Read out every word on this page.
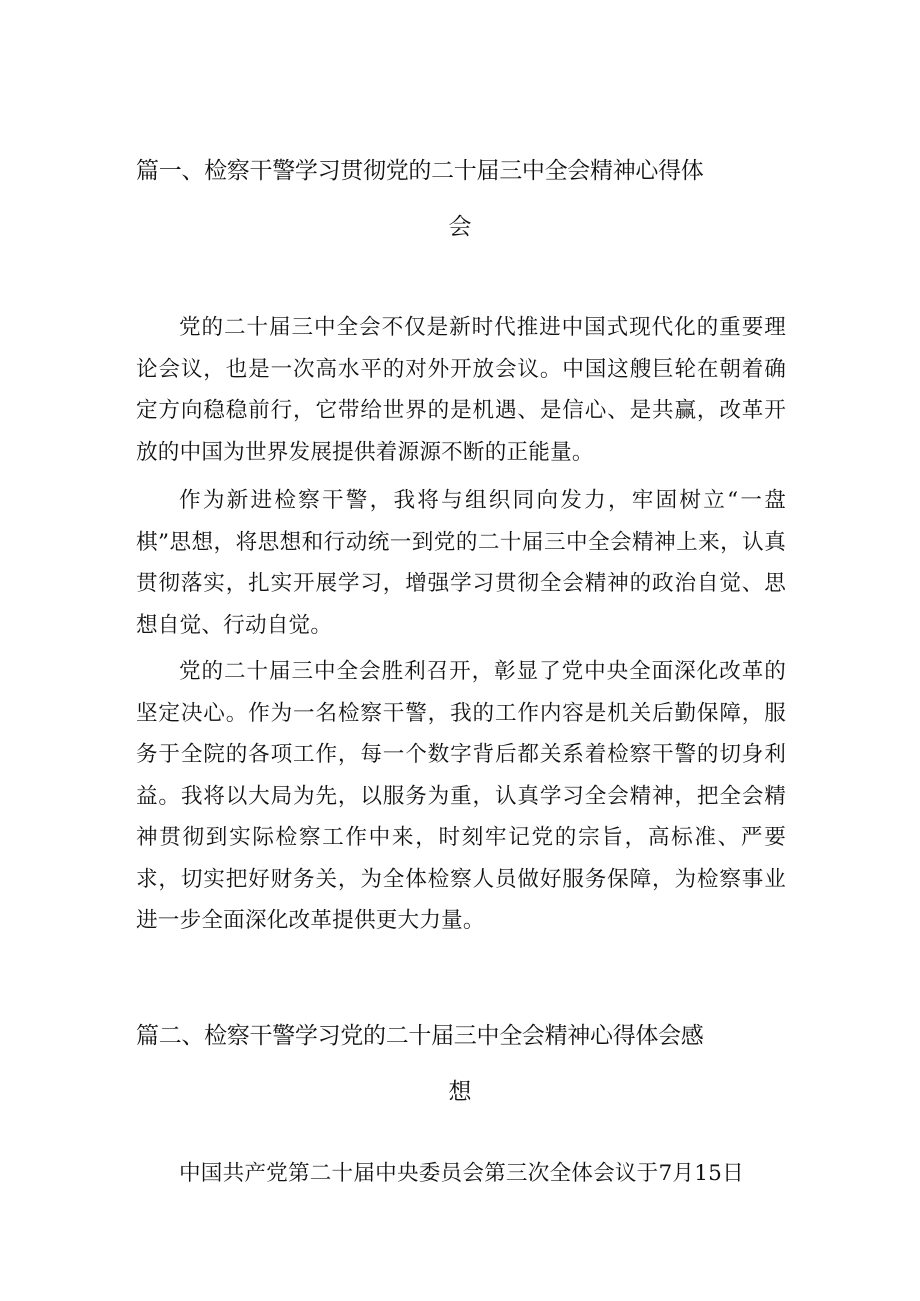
篇一、检察干警学习贯彻党的二十届三中全会精神心得体
会

党的二十届三中全会不仅是新时代推进中国式现代化的重要理论会议，也是一次高水平的对外开放会议。中国这艘巨轮在朝着确定方向稳稳前行，它带给世界的是机遇、是信心、是共赢，改革开放的中国为世界发展提供着源源不断的正能量。

作为新进检察干警，我将与组织同向发力，牢固树立“一盘棋”思想，将思想和行动统一到党的二十届三中全会精神上来，认真贯彻落实，扎实开展学习，增强学习贯彻全会精神的政治自觉、思想自觉、行动自觉。

党的二十届三中全会胜利召开，彰显了党中央全面深化改革的坚定决心。作为一名检察干警，我的工作内容是机关后勤保障，服务于全院的各项工作，每一个数字背后都关系着检察干警的切身利益。我将以大局为先，以服务为重，认真学习全会精神，把全会精神贯彻到实际检察工作中来，时刻牢记党的宗旨，高标准、严要求，切实把好财务关，为全体检察人员做好服务保障，为检察事业进一步全面深化改革提供更大力量。

篇二、检察干警学习党的二十届三中全会精神心得体会感
想

中国共产党第二十届中央委员会第三次全体会议于7月15日
